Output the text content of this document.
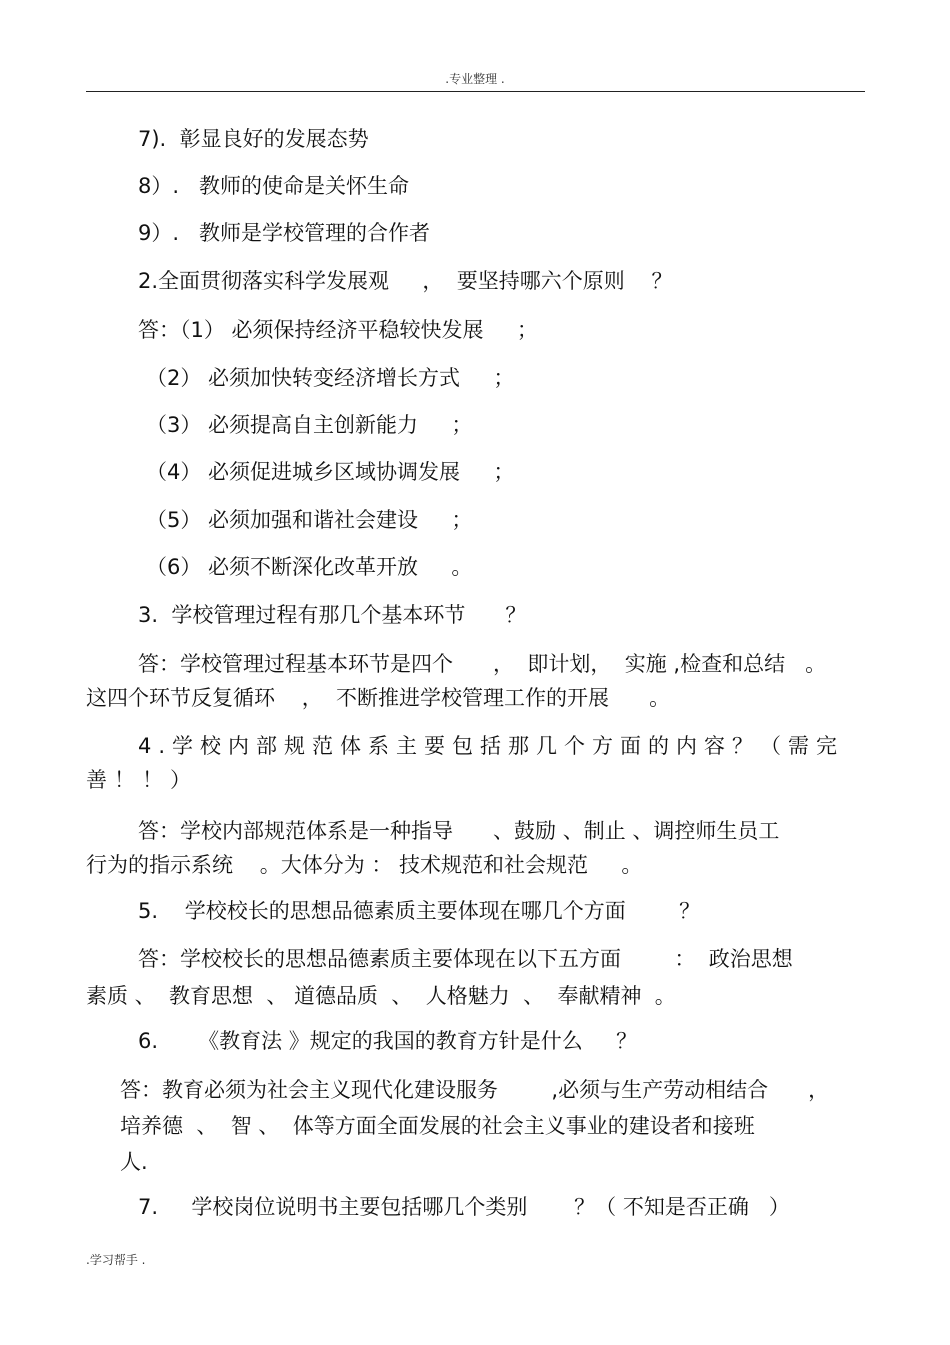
.专业整理 .
7).  彰显良好的发展态势
8）.   教师的使命是关怀生命
9）.   教师是学校管理的合作者
2.全面贯彻落实科学发展观     ，  要坚持哪六个原则    ？
答：（1） 必须保持经济平稳较快发展     ；
（2） 必须加快转变经济增长方式     ；
（3） 必须提高自主创新能力     ；
（4） 必须促进城乡区域协调发展     ；
（5） 必须加强和谐社会建设     ；
（6） 必须不断深化改革开放     。
3.  学校管理过程有那几个基本环节      ？
答：学校管理过程基本环节是四个      ，  即计划，  实施 ,检查和总结   。
这四个环节反复循环    ，  不断推进学校管理工作的开展      。
4.学校内部规范体系主要包括那几个方面的内容？（需完
善！！）
答：学校内部规范体系是一种指导      、鼓励 、制止 、调控师生员工
行为的指示系统    。大体分为 ： 技术规范和社会规范     。
5.    学校校长的思想品德素质主要体现在哪几个方面        ？
答：学校校长的思想品德素质主要体现在以下五方面        ：  政治思想
素质 、  教育思想  、 道德品质  、  人格魅力  、  奉献精神  。
6.      《教育法 》规定的我国的教育方针是什么     ？
答：教育必须为社会主义现代化建设服务        ,必须与生产劳动相结合      ，
培养德  、  智 、  体等方面全面发展的社会主义事业的建设者和接班
人.
7.     学校岗位说明书主要包括哪几个类别       ？（ 不知是否正确   ）
.学习帮手 .
